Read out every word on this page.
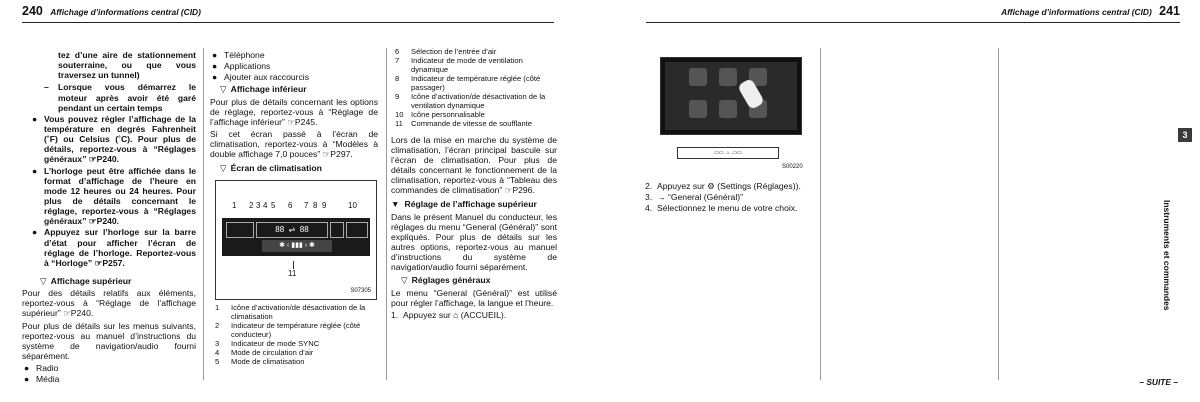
240 Affichage d’informations central (CID)	Affichage d’informations central (CID) 241

tez d’une aire de stationnement souterraine, ou que vous traversez un tunnel)

– Lorsque vous démarrez le moteur après avoir été garé pendant un certain temps
● Vous pouvez régler l’affichage de la température en degrés Fahrenheit (˚F) ou Celsius (˚C). Pour plus de détails, reportez-vous à “Réglages généraux” ☞P240.
● L’horloge peut être affichée dans le format d’affichage de l’heure en mode 12 heures ou 24 heures. Pour plus de détails concernant le réglage, reportez-vous à “Réglages généraux” ☞P240.
● Appuyez sur l’horloge sur la barre d’état pour afficher l’écran de réglage de l’horloge. Reportez-vous à “Horloge” ☞P257.
▽ Affichage supérieur

Pour des détails relatifs aux éléments, reportez-vous à “Réglage de l’affichage supérieur” ☞P240.

Pour plus de détails sur les menus suivants, reportez-vous au manuel d’instructions du système de navigation/audio fourni séparément.

● Radio
● Média
● Téléphone
● Applications
● Ajouter aux raccourcis
▽ Affichage inférieur

Pour plus de détails concernant les options de réglage, reportez-vous à “Réglage de l’affichage inférieur” ☞P245.

Si cet écran passé à l’écran de climatisation, reportez-vous à “Modèles à double affichage 7,0 pouces” ☞P297.

▽ Écran de climatisation
1 2 3 4 5 6 7 8 9	10
88  ⇌  88
✱ ‹ ▮▮▮ › ✱
11
S07305
1	Icône d’activation/de désactivation de la climatisation
2	Indicateur de température réglée (côté conducteur)
3	Indicateur de mode SYNC
4	Mode de circulation d’air
5	Mode de climatisation
6	Sélection de l’entrée d’air
7	Indicateur de mode de ventilation dynamique
8	Indicateur de température réglée (côté passager)
9	Icône d’activation/de désactivation de la ventilation dynamique
10 Icône personnalisable
11	Commande de vitesse de soufflante

Lors de la mise en marche du système de climatisation, l’écran principal bascule sur l’écran de climatisation. Pour plus de détails concernant le fonctionnement de la climatisation, reportez-vous à “Tableau des commandes de climatisation” ☞P296.

▼ Réglage de l’affichage supérieur

Dans le présent Manuel du conducteur, les réglages du menu “General (Général)” sont expliqués. Pour plus de détails sur les autres options, reportez-vous au manuel d’instructions du système de navigation/audio fourni séparément.

▽ Réglages généraux

Le menu “General (Général)” est utilisé pour régler l’affichage, la langue et l’heure.

1. Appuyez sur ⌂ (ACCUEIL).
▭▭  ⌂  ▭▭
S00220
2. Appuyez sur ⚙ (Settings (Réglages)).
3. → “General (Général)”
4. Sélectionnez le menu de votre choix.
3
Instruments et commandes
– SUITE –
